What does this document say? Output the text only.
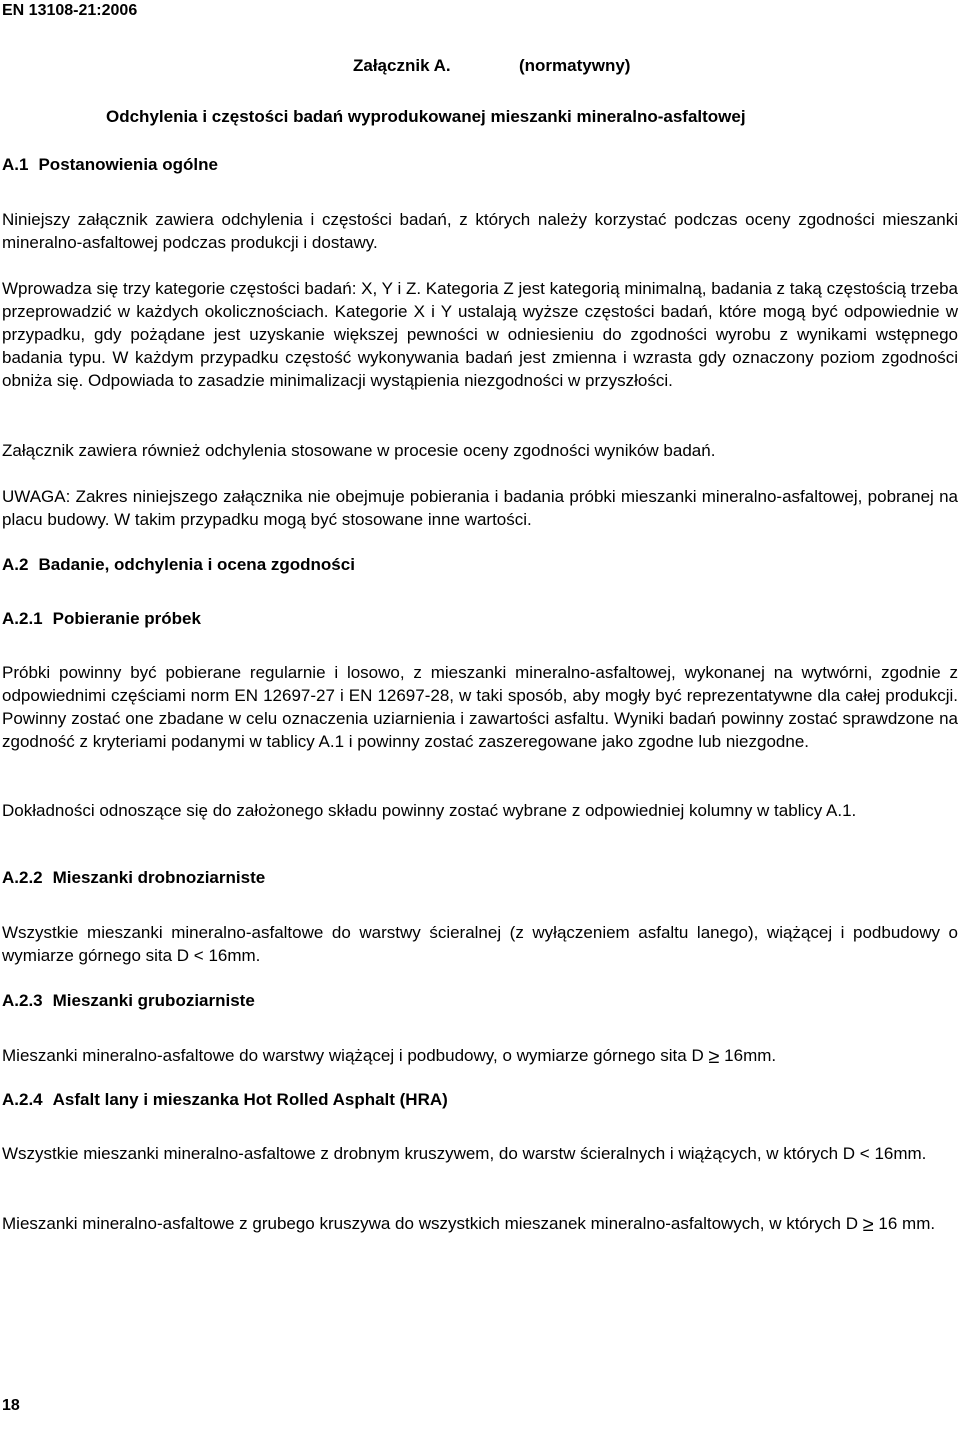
EN 13108-21:2006
Załącznik A.	(normatywny)
Odchylenia i częstości badań wyprodukowanej mieszanki mineralno-asfaltowej
A.1 Postanowienia ogólne

Niniejszy załącznik zawiera odchylenia i częstości badań, z których należy korzystać podczas oceny zgodności mieszanki mineralno-asfaltowej podczas produkcji i dostawy.

Wprowadza się trzy kategorie częstości badań: X, Y i Z. Kategoria Z jest kategorią minimalną, badania z taką częstością trzeba przeprowadzić w każdych okolicznościach. Kategorie X i Y ustalają wyższe częstości badań, które mogą być odpowiednie w przypadku, gdy pożądane jest uzyskanie większej pewności w odniesieniu do zgodności wyrobu z wynikami wstępnego badania typu. W każdym przypadku częstość wykonywania badań jest zmienna i wzrasta gdy oznaczony poziom zgodności obniża się. Odpowiada to zasadzie minimalizacji wystąpienia niezgodności w przyszłości.

Załącznik zawiera również odchylenia stosowane w procesie oceny zgodności wyników badań.

UWAGA: Zakres niniejszego załącznika nie obejmuje pobierania i badania próbki mieszanki mineralno-asfaltowej, pobranej na placu budowy. W takim przypadku mogą być stosowane inne wartości.

A.2 Badanie, odchylenia i ocena zgodności
A.2.1 Pobieranie próbek

Próbki powinny być pobierane regularnie i losowo, z mieszanki mineralno-asfaltowej, wykonanej na wytwórni, zgodnie z odpowiednimi częściami norm EN 12697-27 i EN 12697-28, w taki sposób, aby mogły być reprezentatywne dla całej produkcji. Powinny zostać one zbadane w celu oznaczenia uziarnienia i zawartości asfaltu. Wyniki badań powinny zostać sprawdzone na zgodność z kryteriami podanymi w tablicy A.1 i powinny zostać zaszeregowane jako zgodne lub niezgodne.

Dokładności odnoszące się do założonego składu powinny zostać wybrane z odpowiedniej kolumny w tablicy A.1.

A.2.2 Mieszanki drobnoziarniste

Wszystkie mieszanki mineralno-asfaltowe do warstwy ścieralnej (z wyłączeniem asfaltu lanego), wiążącej i podbudowy o wymiarze górnego sita D < 16mm.

A.2.3 Mieszanki gruboziarniste

Mieszanki mineralno-asfaltowe do warstwy wiążącej i podbudowy, o wymiarze górnego sita D ≥ 16mm.

A.2.4 Asfalt lany i mieszanka Hot Rolled Asphalt (HRA)

Wszystkie mieszanki mineralno-asfaltowe z drobnym kruszywem, do warstw ścieralnych i wiążących, w których D < 16mm.

Mieszanki mineralno-asfaltowe z grubego kruszywa do wszystkich mieszanek mineralno-asfaltowych, w których D ≥ 16 mm.

18
